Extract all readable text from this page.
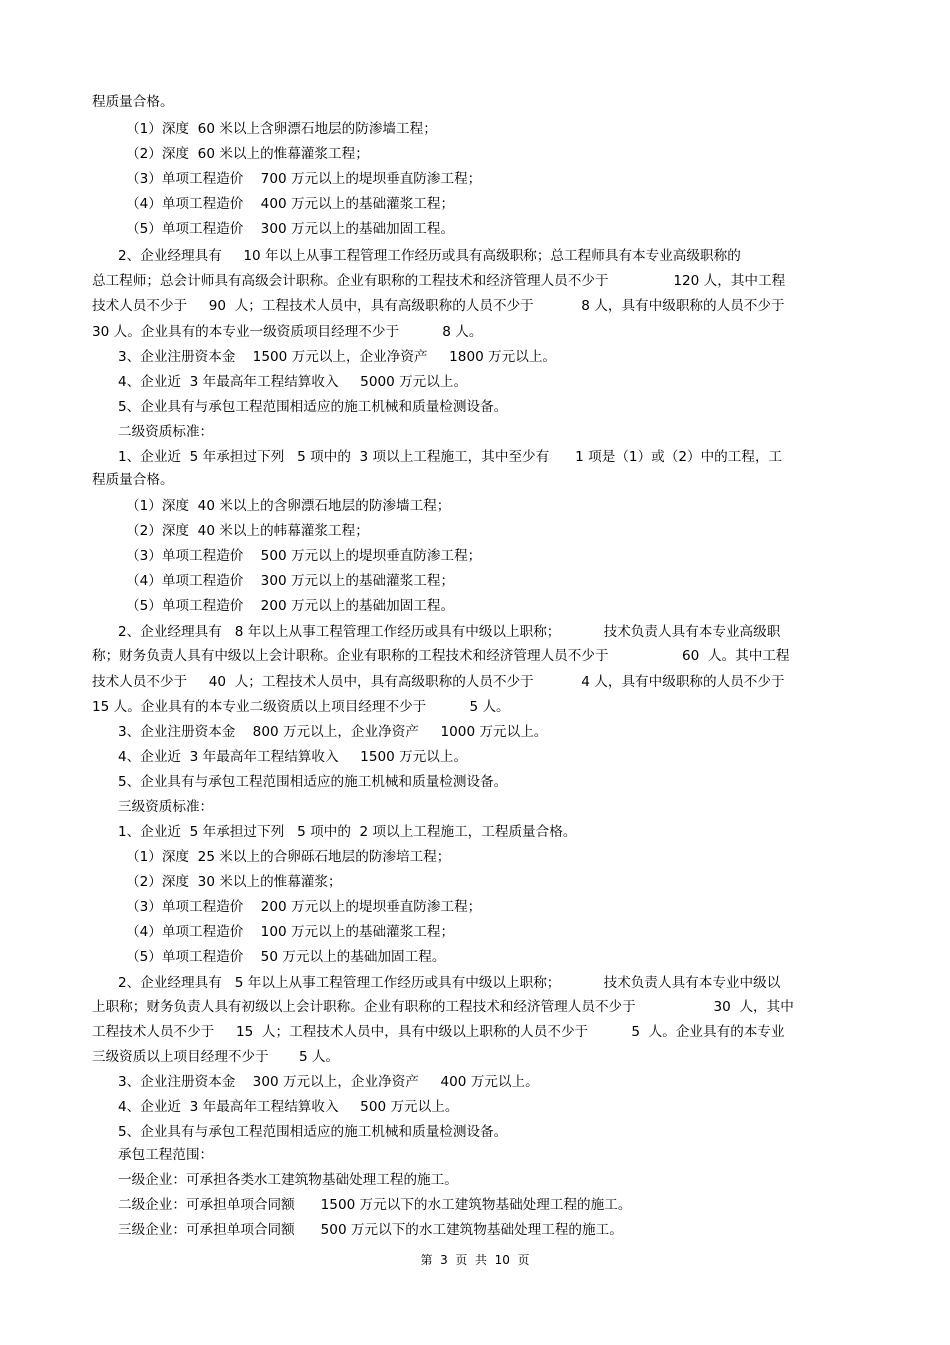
程质量合格。

（1）深度  60 米以上含卵漂石地层的防渗墙工程；

（2）深度  60 米以上的惟幕灌浆工程；

（3）单项工程造价    700 万元以上的堤坝垂直防渗工程；

（4）单项工程造价    400 万元以上的基础灌浆工程；

（5）单项工程造价    300 万元以上的基础加固工程。

2、企业经理具有     10 年以上从事工程管理工作经历或具有高级职称；总工程师具有本专业高级职称的

总工程师；总会计师具有高级会计职称。企业有职称的工程技术和经济管理人员不少于               120 人，其中工程

技术人员不少于     90  人；工程技术人员中，具有高级职称的人员不少于           8 人，具有中级职称的人员不少于

30 人。企业具有的本专业一级资质项目经理不少于          8 人。

3、企业注册资本金    1500 万元以上，企业净资产     1800 万元以上。

4、企业近  3 年最高年工程结算收入     5000 万元以上。

5、企业具有与承包工程范围相适应的施工机械和质量检测设备。

二级资质标准：

1、企业近  5 年承担过下列   5 项中的  3 项以上工程施工，其中至少有      1 项是（1）或（2）中的工程，工

程质量合格。

（1）深度  40 米以上的含卵漂石地层的防渗墙工程；

（2）深度  40 米以上的帏幕灌浆工程；

（3）单项工程造价    500 万元以上的堤坝垂直防渗工程；

（4）单项工程造价    300 万元以上的基础灌浆工程；

（5）单项工程造价    200 万元以上的基础加固工程。

2、企业经理具有   8 年以上从事工程管理工作经历或具有中级以上职称；          技术负责人具有本专业高级职

称；财务负责人具有中级以上会计职称。企业有职称的工程技术和经济管理人员不少于                 60  人。其中工程

技术人员不少于     40  人；工程技术人员中，具有高级职称的人员不少于           4 人，具有中级职称的人员不少于

15 人。企业具有的本专业二级资质以上项目经理不少于          5 人。

3、企业注册资本金    800 万元以上，企业净资产     1000 万元以上。

4、企业近  3 年最高年工程结算收入     1500 万元以上。

5、企业具有与承包工程范围相适应的施工机械和质量检测设备。

三级资质标准：

1、企业近  5 年承担过下列   5 项中的  2 项以上工程施工，工程质量合格。

（1）深度  25 米以上的合卵砾石地层的防渗培工程；

（2）深度  30 米以上的惟幕灌浆；

（3）单项工程造价    200 万元以上的堤坝垂直防渗工程；

（4）单项工程造价    100 万元以上的基础灌浆工程；

（5）单项工程造价    50 万元以上的基础加固工程。

2、企业经理具有   5 年以上从事工程管理工作经历或具有中级以上职称；          技术负责人具有本专业中级以

上职称；财务负责人具有初级以上会计职称。企业有职称的工程技术和经济管理人员不少于                  30  人，其中

工程技术人员不少于     15  人；工程技术人员中，具有中级以上职称的人员不少于          5  人。企业具有的本专业

三级资质以上项目经理不少于       5 人。

3、企业注册资本金    300 万元以上，企业净资产     400 万元以上。

4、企业近  3 年最高年工程结算收入     500 万元以上。

5、企业具有与承包工程范围相适应的施工机械和质量检测设备。

承包工程范围：

一级企业：可承担各类水工建筑物基础处理工程的施工。

二级企业：可承担单项合同额      1500 万元以下的水工建筑物基础处理工程的施工。

三级企业：可承担单项合同额      500 万元以下的水工建筑物基础处理工程的施工。

第  3  页  共  10  页
